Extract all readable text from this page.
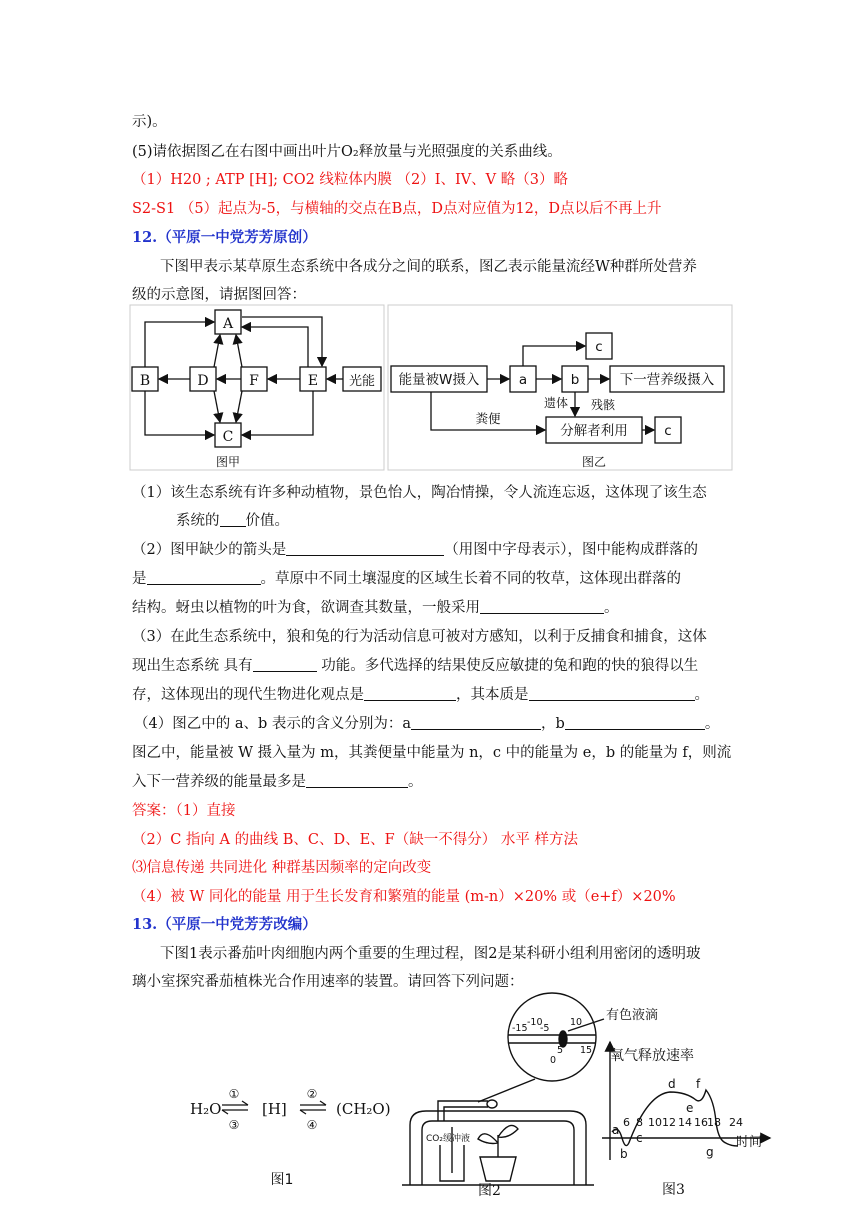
示)。
(5)请依据图乙在右图中画出叶片O₂释放量与光照强度的关系曲线。
（1）H20 ; ATP [H]; CO2 线粒体内膜 （2）I、IV、V 略（3）略
S2-S1 （5）起点为-5，与横轴的交点在B点，D点对应值为12，D点以后不再上升
12.（平原一中党芳芳原创）
下图甲表示某草原生态系统中各成分之间的联系，图乙表示能量流经W种群所处营养
级的示意图，请据图回答：
A
B	D	F	E
C
光能
图甲
能量被W摄入	a	b
c
下一营养级摄入
分解者利用	c
粪便
遗体 残骸
图乙
（1）该生态系统有许多种动植物，景色怡人，陶冶情操，令人流连忘返，这体现了该生态
系统的 价值。
（2）图甲缺少的箭头是	（用图中字母表示），图中能构成群落的
是	。草原中不同土壤湿度的区域生长着不同的牧草，这体现出群落的
结构。蚜虫以植物的叶为食，欲调查其数量，一般采用	。
（3）在此生态系统中，狼和兔的行为活动信息可被对方感知，以利于反捕食和捕食，这体
现出生态系统 具有	功能。多代选择的结果使反应敏捷的兔和跑的快的狼得以生
存，这体现出的现代生物进化观点是	，其本质是	。
（4）图乙中的 a、b 表示的含义分别为：a	，b	。
图乙中，能量被 W 摄入量为 m，其粪便量中能量为 n，c 中的能量为 e，b 的能量为 f，则流
入下一营养级的能量最多是	。
答案：（1）直接
（2）C 指向 A 的曲线 B、C、D、E、F（缺一不得分） 水平 样方法
⑶信息传递 共同进化 种群基因频率的定向改变
（4）被 W 同化的能量 用于生长发育和繁殖的能量 (m-n）×20% 或（e+f）×20%
13.（平原一中党芳芳改编）
下图1表示番茄叶肉细胞内两个重要的生理过程，图2是某科研小组利用密闭的透明玻
璃小室探究番茄植株光合作用速率的装置。请回答下列问题：
H₂O	[H]	(CH₂O)
①
③
②
④
图1
-15
-10
-5
5
10
15
0
有色液滴
CO₂缓冲液
图2
氧气释放速率
时间
6 8 10 12 14 16 18 24
a
b
c
d
e
f
g
图3
